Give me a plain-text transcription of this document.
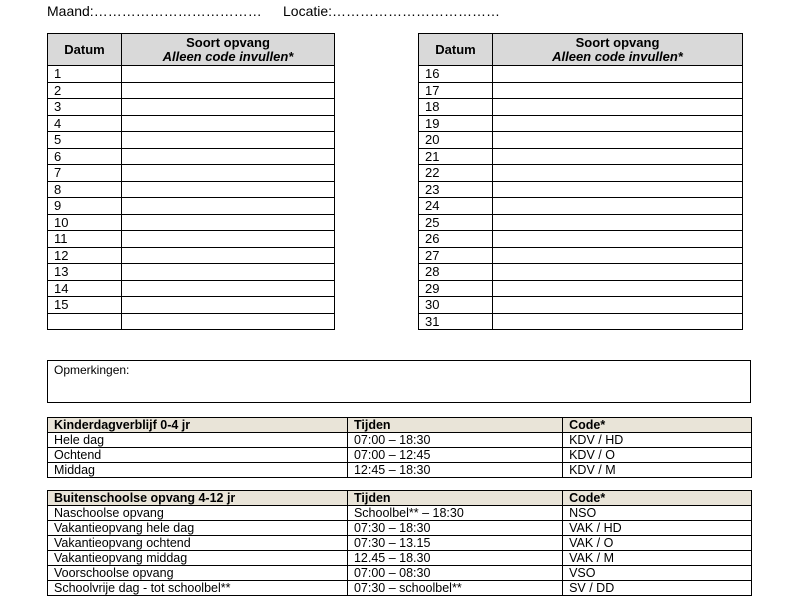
Maand:……………………………… Locatie:………………………………
Datum	Soort opvang
Alleen code invullen*
1	
2	
3	
4	
5	
6	
7	
8	
9	
10	
11	
12	
13	
14	
15	

Datum	Soort opvang
Alleen code invullen*
16	
17	
18	
19	
20	
21	
22	
23	
24	
25	
26	
27	
28	
29	
30	
31	
Opmerkingen:
Kinderdagverblijf 0-4 jr	Tijden	Code*
Hele dag	07:00 – 18:30	KDV / HD
Ochtend	07:00 – 12:45	KDV / O
Middag	12:45 – 18:30	KDV / M
Buitenschoolse opvang 4-12 jr	Tijden	Code*
Naschoolse opvang	Schoolbel** – 18:30	NSO
Vakantieopvang hele dag	07:30 – 18:30	VAK / HD
Vakantieopvang ochtend	07:30 – 13.15	VAK / O
Vakantieopvang middag	12.45 – 18.30	VAK / M
Voorschoolse opvang	07:00 – 08:30	VSO
Schoolvrije dag - tot schoolbel**	07:30 – schoolbel**	SV / DD
